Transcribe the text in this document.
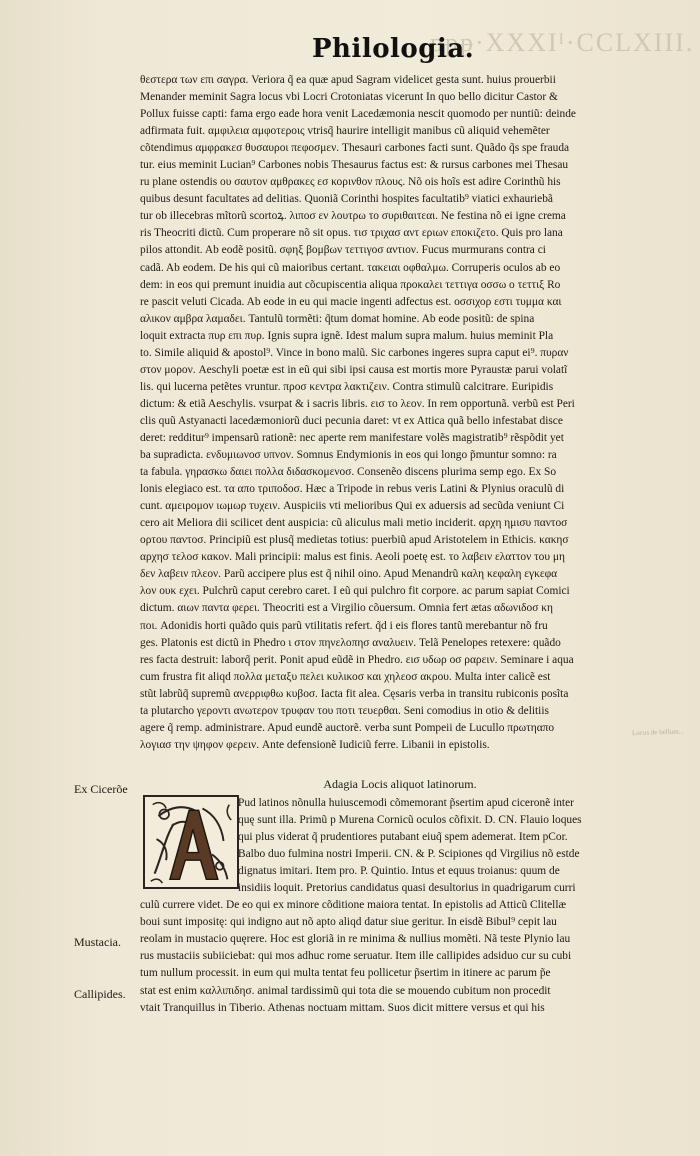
ᵽᵽᵽ·XXXIᴵ·CCLXIII.
Philologia.
θεστερα των επι σαγρα. Veriora q̃ ea quæ apud Sagram videlicet gesta sunt. huius prouerbii
Menander meminit Sagra locus vbi Locri Crotoniatas vicerunt In quo bello dicitur Castor &
Pollux fuisse capti: fama ergo eade hora venit Lacedæmonia nescit quomodo per nuntiũ: deinde
adfirmata fuit. αμφιλεια αμφοτεροις vtrisq̃ haurire intelligit manibus cũ aliquid vehemẽter
cõtendimus αμφρακεσ θυσαυροι πεφοσμεν. Thesauri carbones facti sunt. Quãdo q̃s spe frauda
tur. eius meminit Lucian⁹ Carbones nobis Thesaurus factus est: & rursus carbones mei Thesau
ru plane ostendis ου σαυτον αμθρακες εσ κορινθον πλους. Nõ ois hoĩs est adire Corinthũ his
quibus desunt facultates ad delitias. Quoniã Corinthi hospites facultatib⁹ viatici exhauriebã
tur ob illecebras mĩtorũ scortoꝝ. λιποσ εν λουτρω το συριθαιτεαι. Ne festina nõ ei igne crema
ris Theocriti dictũ. Cum properare nõ sit opus. τισ τριχασ αντ εριων εποκιζετο. Quis pro lana
pilos attondit. Ab eodẽ positũ. σφηξ βομβων τεττιγοσ αντιον. Fucus murmurans contra ci
cadã. Ab eodem. De his qui cũ maioribus certant. τακειαι οφθαλμω. Corruperis oculos ab eo
dem: in eos qui premunt inuidia aut cõcupiscentia aliqua προκαλει τεττιγα οσσω ο τεττιξ Ro
re pascit veluti Cicada. Ab eode in eu qui macie ingenti adfectus est. οσσιχορ εστι τυμμα και
αλικον αμβρα λαμαδει. Tantulũ tormẽti: q̃tum domat homine. Ab eode positũ: de spina
loquit extracta πυρ επι πυρ. Ignis supra ignẽ. Idest malum supra malum. huius meminit Pla
to. Simile aliquid & apostol⁹. Vince in bono malũ. Sic carbones ingeres supra caput ei⁹. πυραν
στον μορον. Aeschyli poetæ est in eũ qui sibi ipsi causa est mortis more Pyraustæ parui volatĩ
lis. qui lucerna petẽtes vruntur. προσ κεντρα λακτιζειν. Contra stimulũ calcitrare. Euripidis
dictum: & etiã Aeschylis. vsurpat & i sacris libris. εισ το λεον. In rem opportunã. verbũ est Peri
clis quũ Astyanacti lacedæmoniorũ duci pecunia daret: vt ex Attica quã bello infestabat disce
deret: redditur⁹ impensarũ rationẽ: nec aperte rem manifestare volẽs magistratib⁹ rẽspõdit yet
ba supradicta. ενδυμιωνοσ υπνον. Somnus Endymionis in eos qui longo p̃muntur somno: ra
ta fabula. γηρασκω δαιει πολλα διδασκομενοσ. Consenẽo discens plurima semp ego. Ex So
lonis elegiaco est. τα απο τριποδοσ. Hæc a Tripode in rebus veris Latini & Plynius oraculũ di
cunt. αμειρομον ιωμωρ τυχειν. Auspiciis vti melioribus Qui ex aduersis ad secũda veniunt Ci
cero ait Meliora dii scilicet dent auspicia: cũ aliculus mali metio inciderit. αρχη ημισυ παντοσ
ορτου παντοσ. Principiũ est plusq̃ medietas totius: puerbiũ apud Aristotelem in Ethicis. κακησ
αρχησ τελοσ κακον. Mali principii: malus est finis. Aeoli poetę est. το λαβειν ελαττον του μη
δεν λαβειν πλεον. Parũ accipere plus est q̃ nihil oino. Apud Menandrũ καλη κεφαλη εγκεφα
λον ουκ εχει. Pulchrũ caput cerebro caret. I eũ qui pulchro fit corpore. ac parum sapiat Comici
dictum. αιων παντα φερει. Theocriti est a Virgilio cõuersum. Omnia fert ætas αδωνιδοσ κη
ποι. Adonidis horti quãdo quis parũ vtilitatis refert. q̃d i eis flores tantũ merebantur nõ fru
ges. Platonis est dictũ in Phedro ι στον πηνελοπησ αναλυειν. Telã Penelopes retexere: quãdo
res facta destruit: laborq̃ perit. Ponit apud eũdẽ in Phedro. εισ υδωρ οσ ραρειν. Seminare i aqua
cum frustra fit aliqd πολλα μεταξυ πελει κυλικοσ και χηλεοσ ακρου. Multa inter calicẽ est
stũt labrũq̃ supremũ ανερριφθω κυβοσ. Iacta fit alea. Cęsaris verba in transitu rubiconis posĩta
ta plutarcho γεροντι ανωτερον τρυφαν του ποτι τευερθαι. Seni comodius in otio & delitiis
agere q̃ remp. administrare. Apud eundẽ auctorẽ. verba sunt Pompeii de Lucullo πρωτηαπο
λογιασ την ψηφον φερειν. Ante defensionẽ Iudiciũ ferre. Libanii in epistolis.
Adagia Locis aliquot latinorum.
Pud latinos nõnulla huiuscemodi cõmemorant p̃sertim apud ciceronẽ inter
quę sunt illa. Primũ p Murena Cornicũ oculos cõfixit. D. CN. Flauio loques
qui plus viderat q̃ prudentiores putabant eiuq̃ spem ademerat. Item pCor.
Balbo duo fulmina nostri Imperii. CN. & P. Scipiones qd Virgilius nõ estde
dignatus imitari. Item pro. P. Quintio. Intus et equus troianus: quum de
insidiis loquit. Pretorius candidatus quasi desultorius in quadrigarum curri
culũ currere videt. De eo qui ex minore cõditione maiora tentat. In epistolis ad Atticũ Clitellæ
boui sunt impositę: qui indigno aut nõ apto aliqd datur siue geritur. In eisdẽ Bibul⁹ cepit lau
reolam in mustacio quęrere. Hoc est gloriã in re minima & nullius momẽti. Nã teste Plynio lau
rus mustaciis subiiciebat: qui mos adhuc rome seruatur. Item ille callipides adsiduo cur su cubi
tum nullum processit. in eum qui multa tentat feu pollicetur p̃sertim in itinere ac parum p̃e
stat est enim καλλιπιδησ. animal tardissimũ qui tota die se mouendo cubitum non procedit
vtait Tranquillus in Tiberio. Athenas noctuam mittam. Suos dicit mittere versus et qui his
Ex Cicerõe
Mustacia.
Callipides.
Locus de bellum...
